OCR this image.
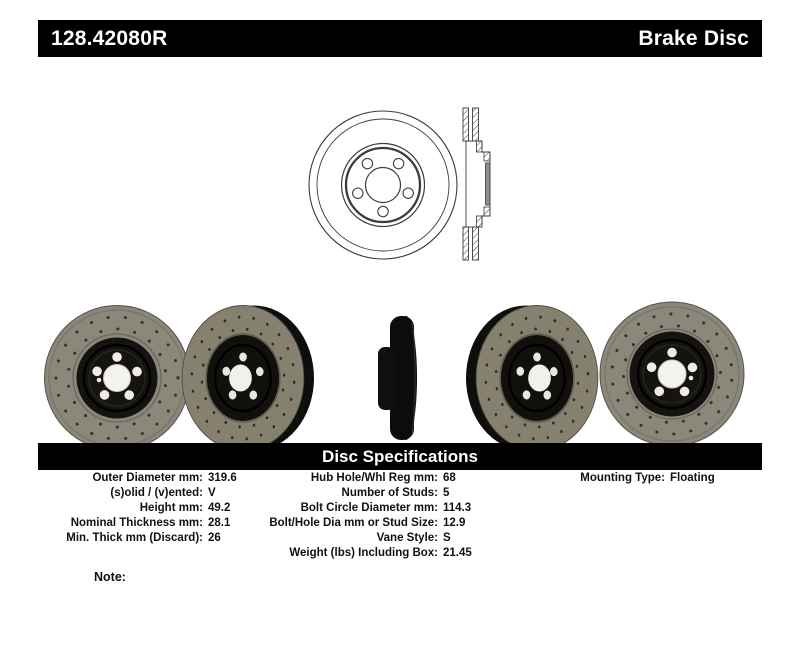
128.42080R	Brake Disc
Disc Specifications
Outer Diameter mm: 319.6
(s)olid / (v)ented: V
Height mm: 49.2
Nominal Thickness mm: 28.1
Min. Thick mm (Discard): 26
Hub Hole/Whl Reg mm: 68
Number of Studs: 5
Bolt Circle Diameter mm: 114.3
Bolt/Hole Dia mm or Stud Size: 12.9
Vane Style: S
Weight (lbs) Including Box: 21.45
Mounting Type: Floating
Note:
